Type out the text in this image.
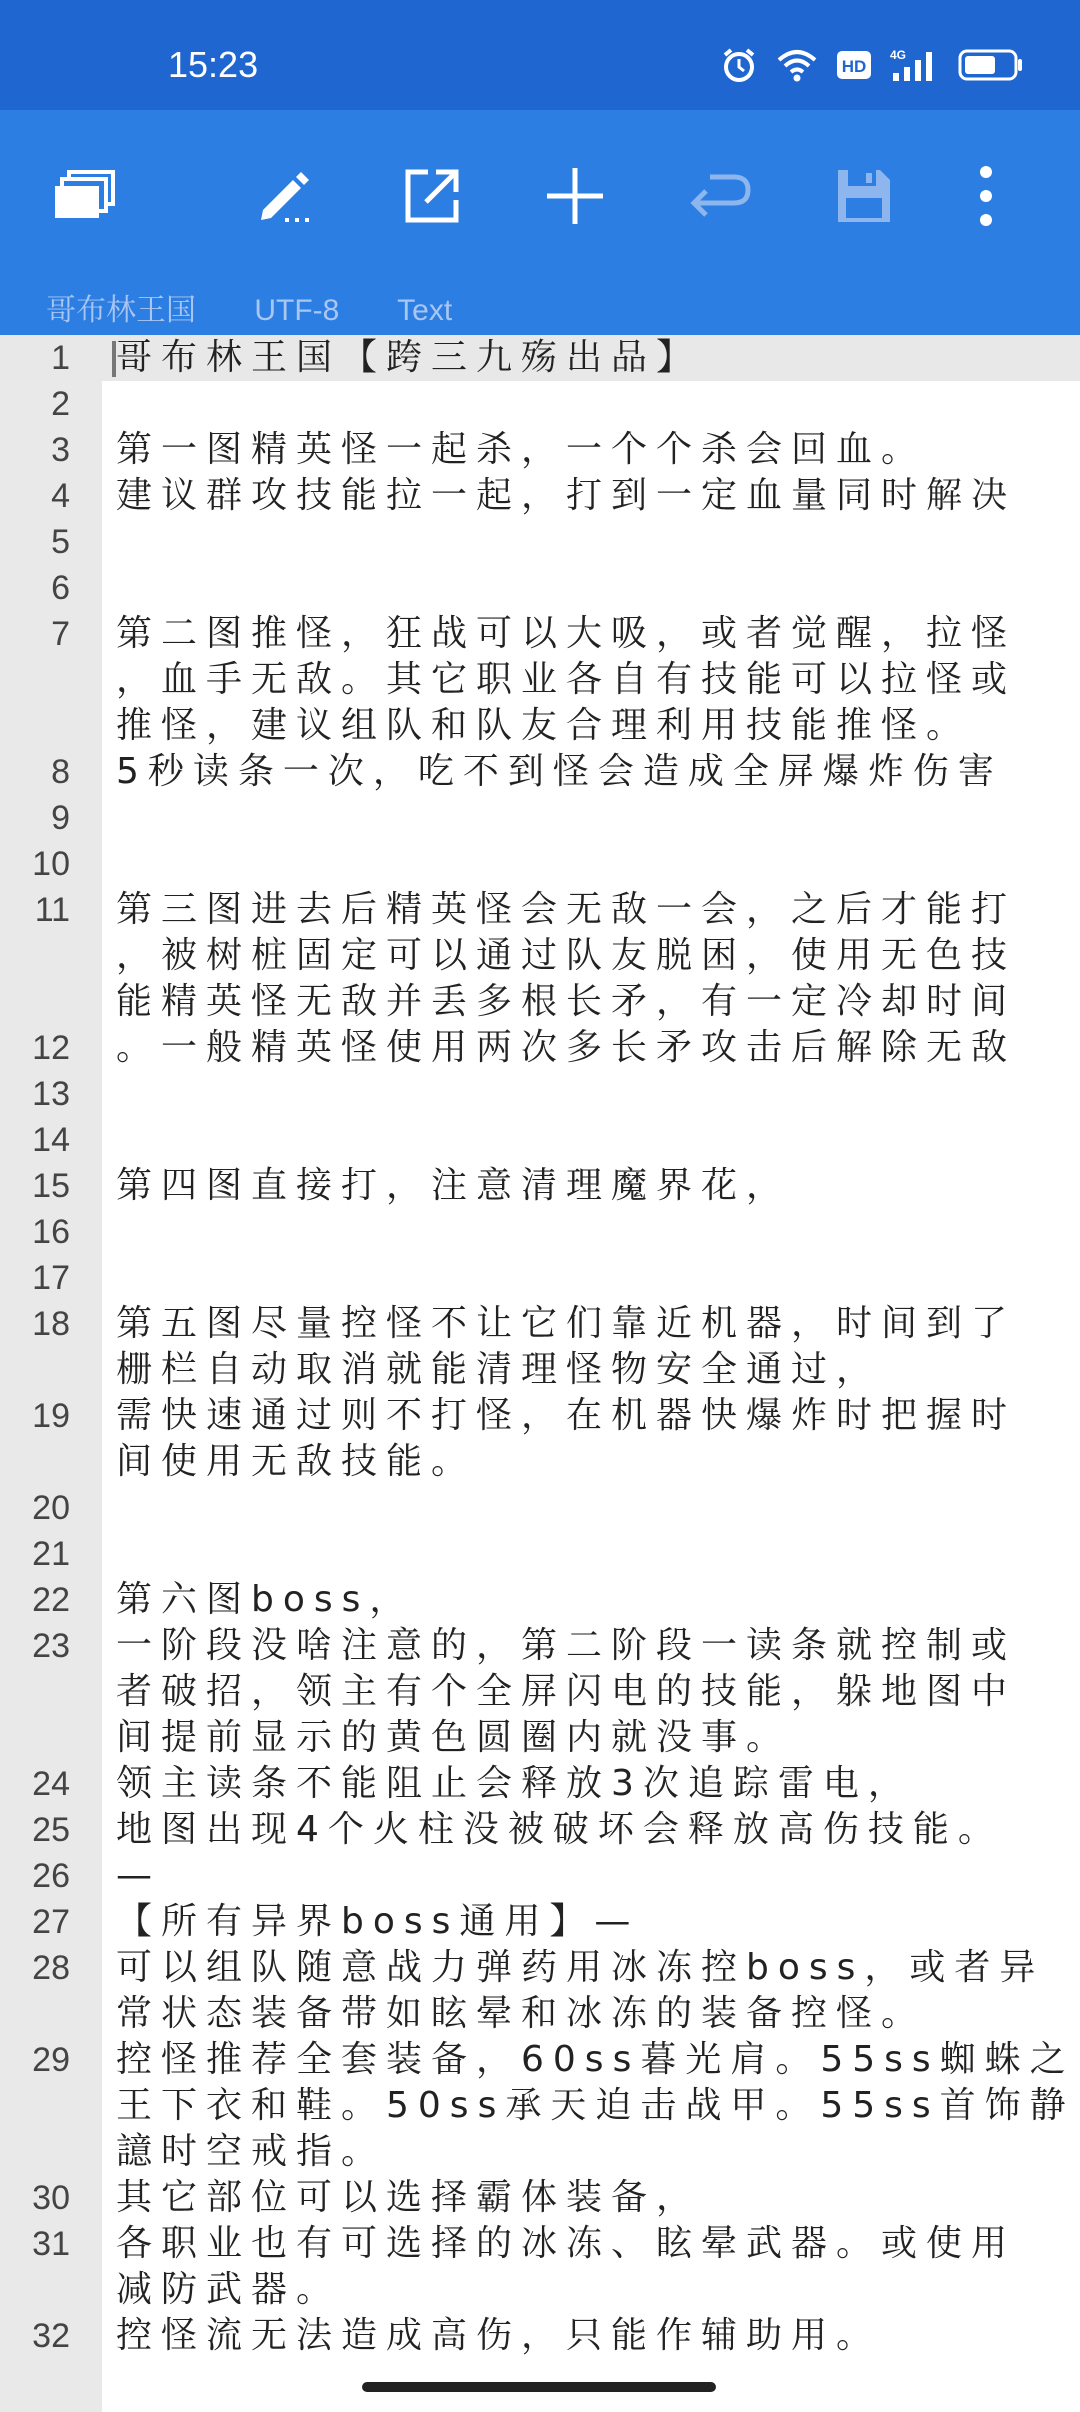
15:23	HD
4G
哥布林王国 UTF-8 Text
1 哥布林王国【跨三九殇出品】
2
3 第一图精英怪一起杀，一个个杀会回血。
4 建议群攻技能拉一起，打到一定血量同时解决
5
6
7 第二图推怪，狂战可以大吸，或者觉醒，拉怪
，血手无敌。其它职业各自有技能可以拉怪或
推怪，建议组队和队友合理利用技能推怪。
8 5秒读条一次，吃不到怪会造成全屏爆炸伤害
9
10
11 第三图进去后精英怪会无敌一会，之后才能打
，被树桩固定可以通过队友脱困，使用无色技
能精英怪无敌并丢多根长矛，有一定冷却时间
12 。一般精英怪使用两次多长矛攻击后解除无敌
13
14
15 第四图直接打，注意清理魔界花，
16
17
18 第五图尽量控怪不让它们靠近机器，时间到了
栅栏自动取消就能清理怪物安全通过，
19 需快速通过则不打怪，在机器快爆炸时把握时
间使用无敌技能。
20
21
22 第六图boss，
23 一阶段没啥注意的，第二阶段一读条就控制或
者破招，领主有个全屏闪电的技能，躲地图中
间提前显示的黄色圆圈内就没事。
24 领主读条不能阻止会释放3次追踪雷电，
25 地图出现4个火柱没被破坏会释放高伤技能。
26 —
27 【所有异界boss通用】—
28 可以组队随意战力弹药用冰冻控boss，或者异
常状态装备带如眩晕和冰冻的装备控怪。
29 控怪推荐全套装备，60ss暮光肩。55ss蜘蛛之
王下衣和鞋。50ss承天迫击战甲。55ss首饰静
譩时空戒指。
30 其它部位可以选择霸体装备，
31 各职业也有可选择的冰冻、眩晕武器。或使用
减防武器。
32 控怪流无法造成高伤，只能作辅助用。
